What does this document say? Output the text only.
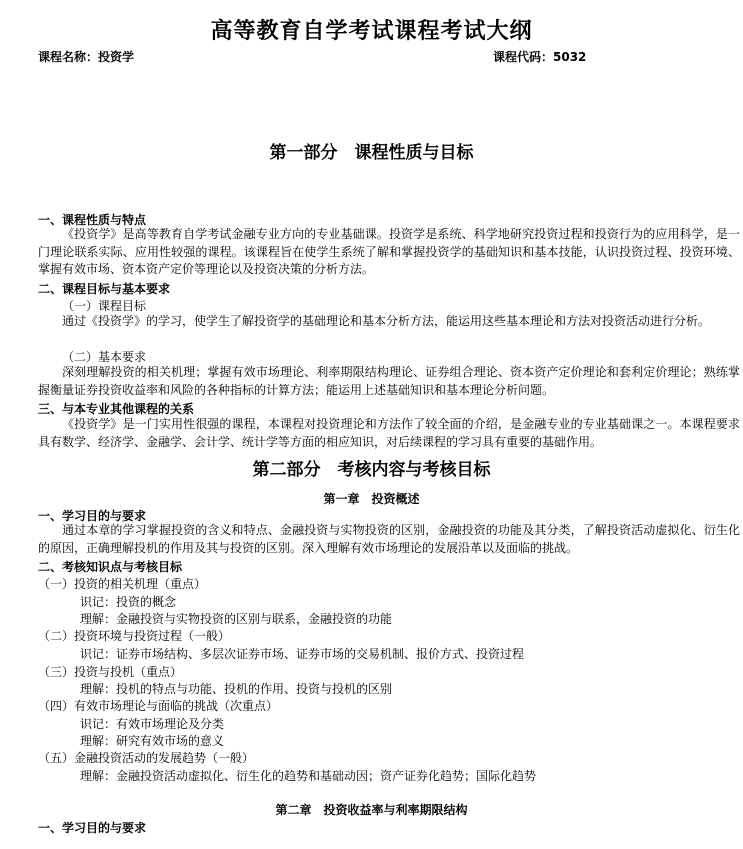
高等教育自学考试课程考试大纲
课程名称：投资学	课程代码：5032
第一部分　课程性质与目标
一、课程性质与特点

《投资学》是高等教育自学考试金融专业方向的专业基础课。投资学是系统、科学地研究投资过程和投资行为的应用科学，是一门理论联系实际、应用性较强的课程。该课程旨在使学生系统了解和掌握投资学的基础知识和基本技能，认识投资过程、投资环境、掌握有效市场、资本资产定价等理论以及投资决策的分析方法。

二、课程目标与基本要求
（一）课程目标

通过《投资学》的学习，使学生了解投资学的基础理论和基本分析方法，能运用这些基本理论和方法对投资活动进行分析。

（二）基本要求

深刻理解投资的相关机理；掌握有效市场理论、利率期限结构理论、证券组合理论、资本资产定价理论和套利定价理论；熟练掌握衡量证券投资收益率和风险的各种指标的计算方法；能运用上述基础知识和基本理论分析问题。

三、与本专业其他课程的关系

《投资学》是一门实用性很强的课程，本课程对投资理论和方法作了较全面的介绍，是金融专业的专业基础课之一。本课程要求具有数学、经济学、金融学、会计学、统计学等方面的相应知识，对后续课程的学习具有重要的基础作用。

第二部分　考核内容与考核目标
第一章　投资概述
一、学习目的与要求

通过本章的学习掌握投资的含义和特点、金融投资与实物投资的区别，金融投资的功能及其分类，了解投资活动虚拟化、衍生化的原因，正确理解投机的作用及其与投资的区别。深入理解有效市场理论的发展沿革以及面临的挑战。

二、考核知识点与考核目标
（一）投资的相关机理（重点）
识记：投资的概念
理解：金融投资与实物投资的区别与联系，金融投资的功能
（二）投资环境与投资过程（一般）
识记：证券市场结构、多层次证券市场、证券市场的交易机制、报价方式、投资过程
（三）投资与投机（重点）
理解：投机的特点与功能、投机的作用、投资与投机的区别
（四）有效市场理论与面临的挑战（次重点）
识记：有效市场理论及分类
理解：研究有效市场的意义
（五）金融投资活动的发展趋势（一般）
理解：金融投资活动虚拟化、衍生化的趋势和基础动因；资产证券化趋势；国际化趋势
第二章　投资收益率与利率期限结构
一、学习目的与要求
